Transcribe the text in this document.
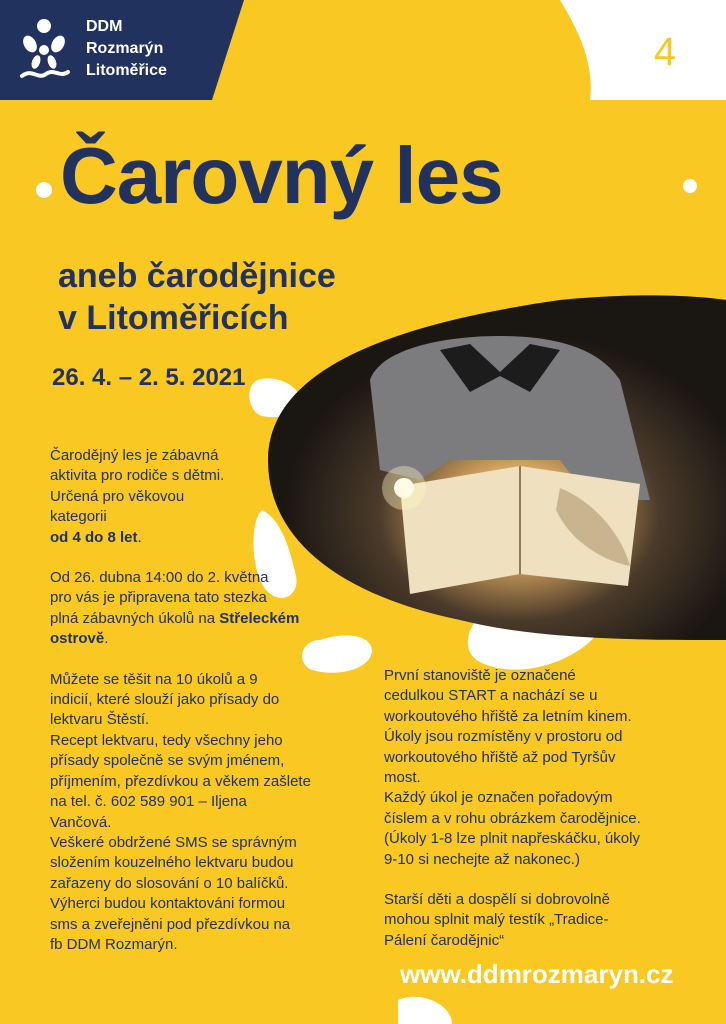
DDM
Rozmarýn
Litoměřice	4
Čarovný les
aneb čarodějnice
v Litoměřicích
26. 4. – 2. 5. 2021

Čarodějný les je zábavná
aktivita pro rodiče s dětmi.
Určená pro věkovou
kategorii
od 4 do 8 let.

Od 26. dubna 14:00 do 2. května
pro vás je připravena tato stezka
plná zábavných úkolů na Střeleckém
ostrově.

Můžete se těšit na 10 úkolů a 9
indicií, které slouží jako přísady do
lektvaru Štěstí.
Recept lektvaru, tedy všechny jeho
přísady společně se svým jménem,
příjmením, přezdívkou a věkem zašlete
na tel. č. 602 589 901 – Iljena
Vančová.
Veškeré obdržené SMS se správným
složením kouzelného lektvaru budou
zařazeny do slosování o 10 balíčků.
Výherci budou kontaktováni formou
sms a zveřejněni pod přezdívkou na
fb DDM Rozmarýn.

První stanoviště je označené
cedulkou START a nachází se u
workoutového hřiště za letním kinem.
Úkoly jsou rozmístěny v prostoru od
workoutového hřiště až pod Tyršův
most.
Každý úkol je označen pořadovým
číslem a v rohu obrázkem čarodějnice.
(Úkoly 1-8 lze plnit napřeskáčku, úkoly
9-10 si nechejte až nakonec.)

Starší děti a dospělí si dobrovolně
mohou splnit malý testík „Tradice-
Pálení čarodějnic“

www.ddmrozmaryn.cz
